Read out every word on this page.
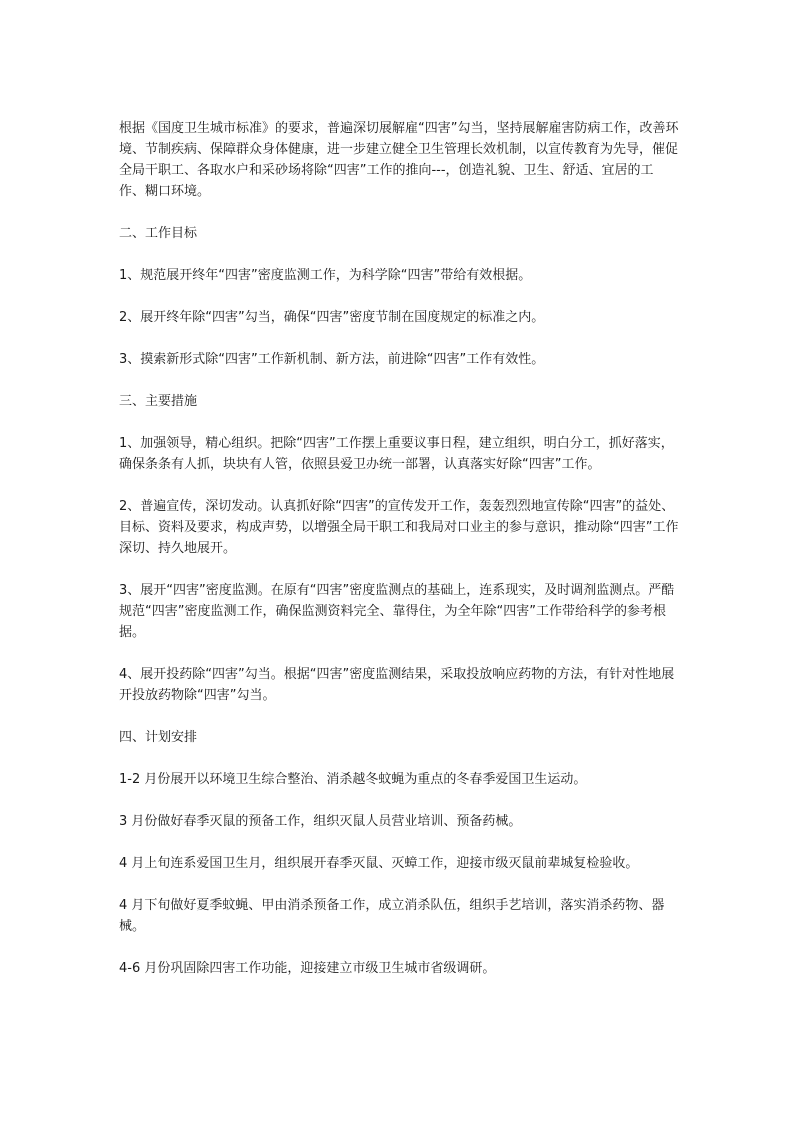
根据《国度卫生城市标准》的要求，普遍深切展解雇“四害”勾当，坚持展解雇害防病工作，改善环境、节制疾病、保障群众身体健康，进一步建立健全卫生管理长效机制，以宣传教育为先导，催促全局干职工、各取水户和采砂场将除“四害”工作的推向---，创造礼貌、卫生、舒适、宜居的工作、糊口环境。

二、工作目标

1、规范展开终年“四害”密度监测工作，为科学除“四害”带给有效根据。

2、展开终年除“四害”勾当，确保“四害”密度节制在国度规定的标准之内。

3、摸索新形式除“四害”工作新机制、新方法，前进除“四害”工作有效性。

三、主要措施

1、加强领导，精心组织。把除“四害”工作摆上重要议事日程，建立组织，明白分工，抓好落实，确保条条有人抓，块块有人管，依照县爱卫办统一部署，认真落实好除“四害”工作。

2、普遍宣传，深切发动。认真抓好除“四害”的宣传发开工作，轰轰烈烈地宣传除“四害”的益处、目标、资料及要求，构成声势，以增强全局干职工和我局对口业主的参与意识，推动除“四害”工作深切、持久地展开。

3、展开“四害”密度监测。在原有“四害”密度监测点的基础上，连系现实，及时调剂监测点。严酷规范“四害”密度监测工作，确保监测资料完全、靠得住，为全年除“四害”工作带给科学的参考根据。

4、展开投药除“四害”勾当。根据“四害”密度监测结果，采取投放响应药物的方法，有针对性地展开投放药物除“四害”勾当。

四、计划安排

1-2 月份展开以环境卫生综合整治、消杀越冬蚊蝇为重点的冬春季爱国卫生运动。

3 月份做好春季灭鼠的预备工作，组织灭鼠人员营业培训、预备药械。

4 月上旬连系爱国卫生月，组织展开春季灭鼠、灭蟑工作，迎接市级灭鼠前辈城复检验收。

4 月下旬做好夏季蚊蝇、甲由消杀预备工作，成立消杀队伍，组织手艺培训，落实消杀药物、器械。

4-6 月份巩固除四害工作功能，迎接建立市级卫生城市省级调研。
